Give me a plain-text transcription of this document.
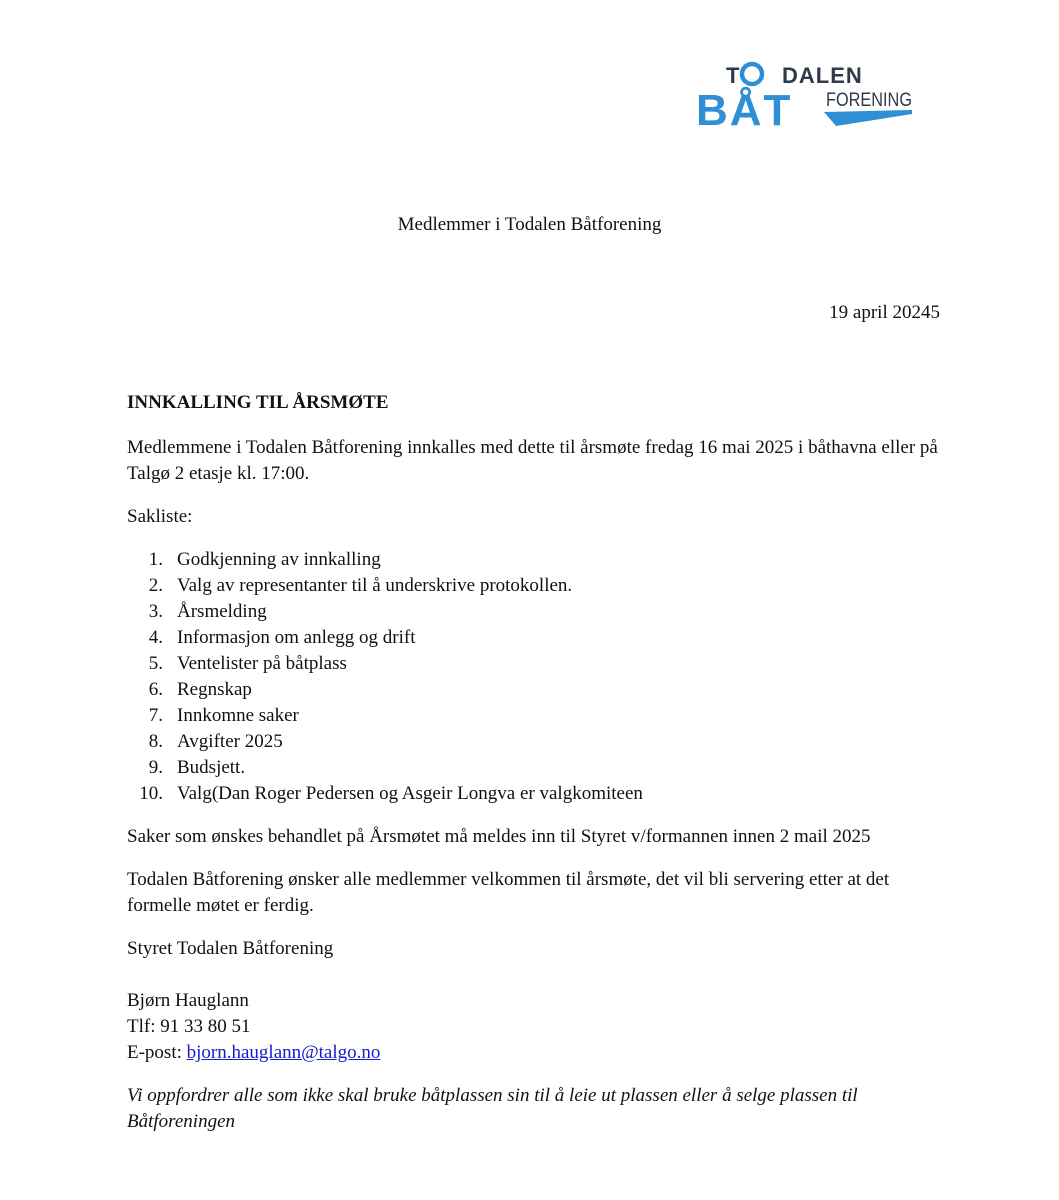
T DALEN
BÅT FORENING

Medlemmer i Todalen Båtforening

19 april 20245

INNKALLING TIL ÅRSMØTE

Medlemmene i Todalen Båtforening innkalles med dette til årsmøte fredag 16 mai 2025 i båthavna eller på Talgø 2 etasje kl. 17:00.

Sakliste:

1. Godkjenning av innkalling
2. Valg av representanter til å underskrive protokollen.
3. Årsmelding
4. Informasjon om anlegg og drift
5. Ventelister på båtplass
6. Regnskap
7. Innkomne saker
8. Avgifter 2025
9. Budsjett.
10. Valg(Dan Roger Pedersen og Asgeir Longva er valgkomiteen

Saker som ønskes behandlet på Årsmøtet må meldes inn til Styret v/formannen innen 2 mail 2025

Todalen Båtforening ønsker alle medlemmer velkommen til årsmøte, det vil bli servering etter at det formelle møtet er ferdig.

Styret Todalen Båtforening

Bjørn Hauglann

Tlf: 91 33 80 51

E-post: bjorn.hauglann@talgo.no

Vi oppfordrer alle som ikke skal bruke båtplassen sin til å leie ut plassen eller å selge plassen til Båtforeningen
